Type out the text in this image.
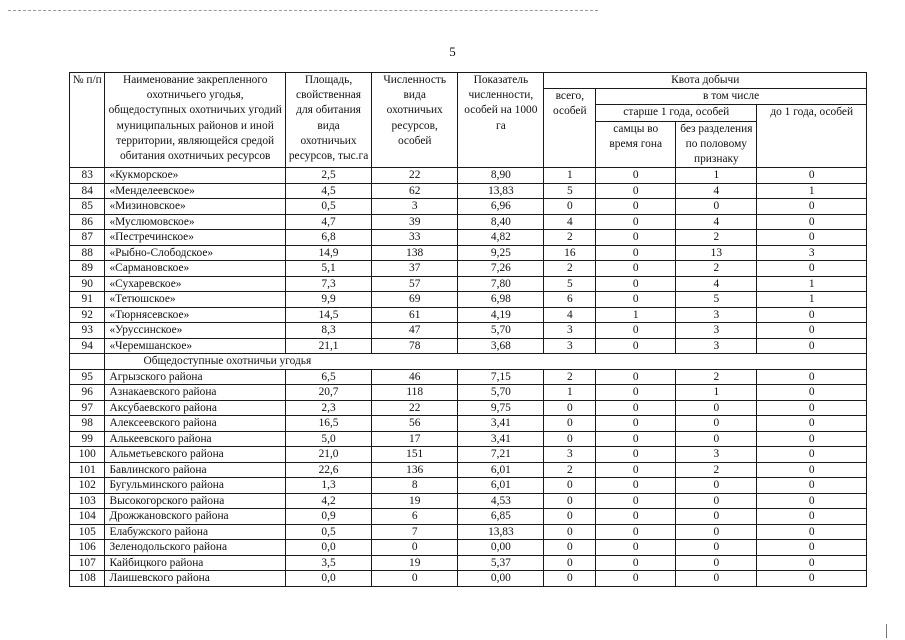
5
№ п/п	Наименование закрепленного охотничьего угодья, общедоступных охотничьих угодий муниципальных районов и иной территории, являющейся средой обитания охотничьих ресурсов	Площадь, свойственная для обитания вида охотничьих ресурсов, тыс.га	Численность вида охотничьих ресурсов, особей	Показатель численности, особей на 1000 га	Квота добычи			
					всего, особей	в том числе		
						старше 1 года, особей		до 1 года, особей
						самцы во время гона	без разделения по половому признаку	
83	«Кукморское»	2,5	22	8,90	1	0	1	0
84	«Менделеевское»	4,5	62	13,83	5	0	4	1
85	«Мизиновское»	0,5	3	6,96	0	0	0	0
86	«Муслюмовское»	4,7	39	8,40	4	0	4	0
87	«Пестречинское»	6,8	33	4,82	2	0	2	0
88	«Рыбно-Слободское»	14,9	138	9,25	16	0	13	3
89	«Сармановское»	5,1	37	7,26	2	0	2	0
90	«Сухаревское»	7,3	57	7,80	5	0	4	1
91	«Тетюшское»	9,9	69	6,98	6	0	5	1
92	«Тюрнясевское»	14,5	61	4,19	4	1	3	0
93	«Уруссинское»	8,3	47	5,70	3	0	3	0
94	«Черемшанское»	21,1	78	3,68	3	0	3	0
	Общедоступные охотничьи угодья							
95	Агрызского района	6,5	46	7,15	2	0	2	0
96	Азнакаевского района	20,7	118	5,70	1	0	1	0
97	Аксубаевского района	2,3	22	9,75	0	0	0	0
98	Алексеевского района	16,5	56	3,41	0	0	0	0
99	Алькеевского района	5,0	17	3,41	0	0	0	0
100	Альметьевского района	21,0	151	7,21	3	0	3	0
101	Бавлинского района	22,6	136	6,01	2	0	2	0
102	Бугульминского района	1,3	8	6,01	0	0	0	0
103	Высокогорского района	4,2	19	4,53	0	0	0	0
104	Дрожжановского района	0,9	6	6,85	0	0	0	0
105	Елабужского района	0,5	7	13,83	0	0	0	0
106	Зеленодольского района	0,0	0	0,00	0	0	0	0
107	Кайбицкого района	3,5	19	5,37	0	0	0	0
108	Лаишевского района	0,0	0	0,00	0	0	0	0
